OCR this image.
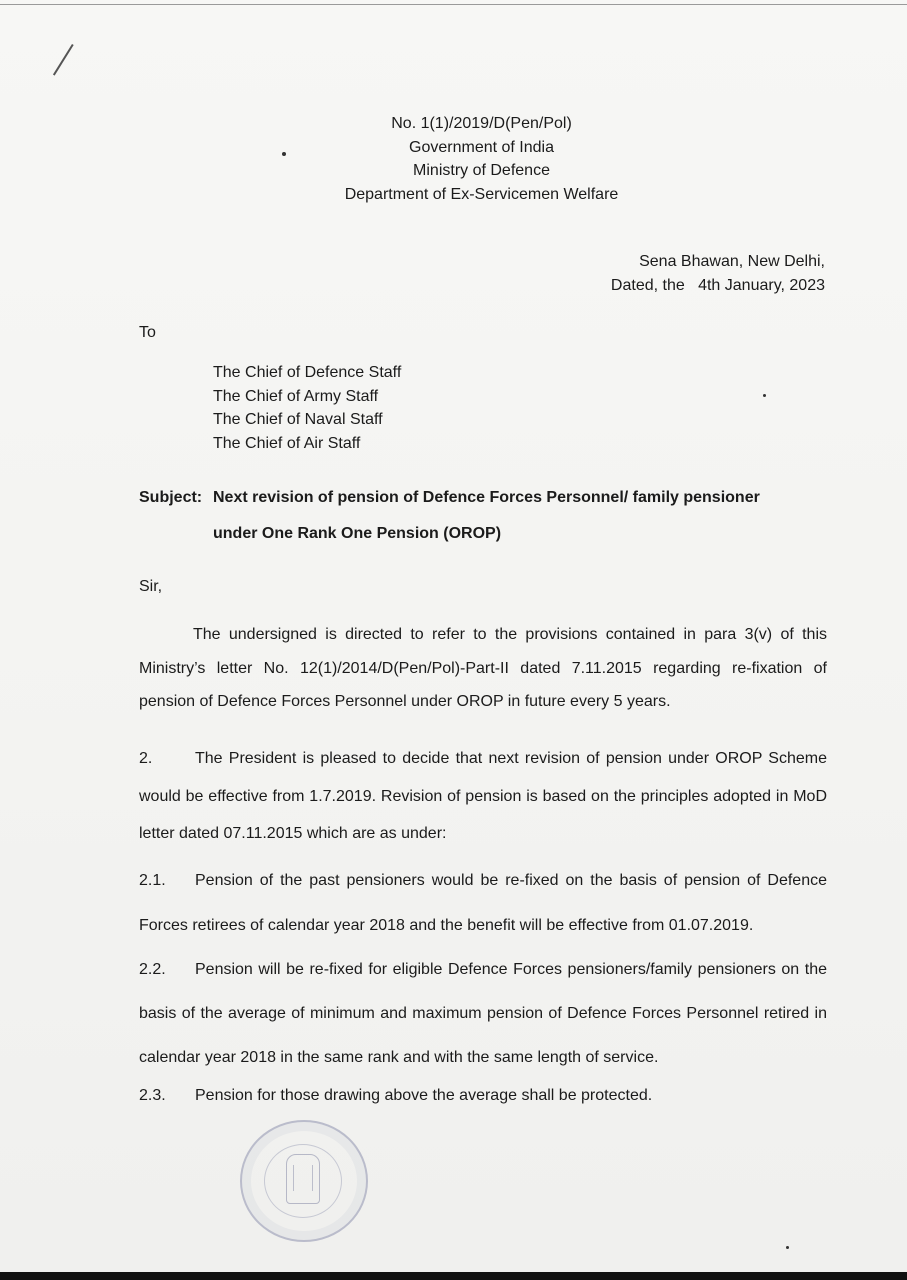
No. 1(1)/2019/D(Pen/Pol)
Government of India
Ministry of Defence
Department of Ex-Servicemen Welfare
Sena Bhawan, New Delhi,
Dated, the   4th January, 2023
To
The Chief of Defence Staff
The Chief of Army Staff
The Chief of Naval Staff
The Chief of Air Staff
Subject: Next revision of pension of Defence Forces Personnel/ family pensioner
under One Rank One Pension (OROP)
Sir,
The undersigned is directed to refer to the provisions contained in para 3(v) of this Ministry’s letter No. 12(1)/2014/D(Pen/Pol)-Part-II dated 7.11.2015 regarding re-fixation of pension of Defence Forces Personnel under OROP in future every 5 years.
2.	The President is pleased to decide that next revision of pension under OROP Scheme would be effective from 1.7.2019. Revision of pension is based on the principles adopted in MoD letter dated 07.11.2015 which are as under:
2.1. Pension of the past pensioners would be re-fixed on the basis of pension of Defence Forces retirees of calendar year 2018 and the benefit will be effective from 01.07.2019.
2.2. Pension will be re-fixed for eligible Defence Forces pensioners/family pensioners on the basis of the average of minimum and maximum pension of Defence Forces Personnel retired in calendar year 2018 in the same rank and with the same length of service.
2.3. Pension for those drawing above the average shall be protected.
